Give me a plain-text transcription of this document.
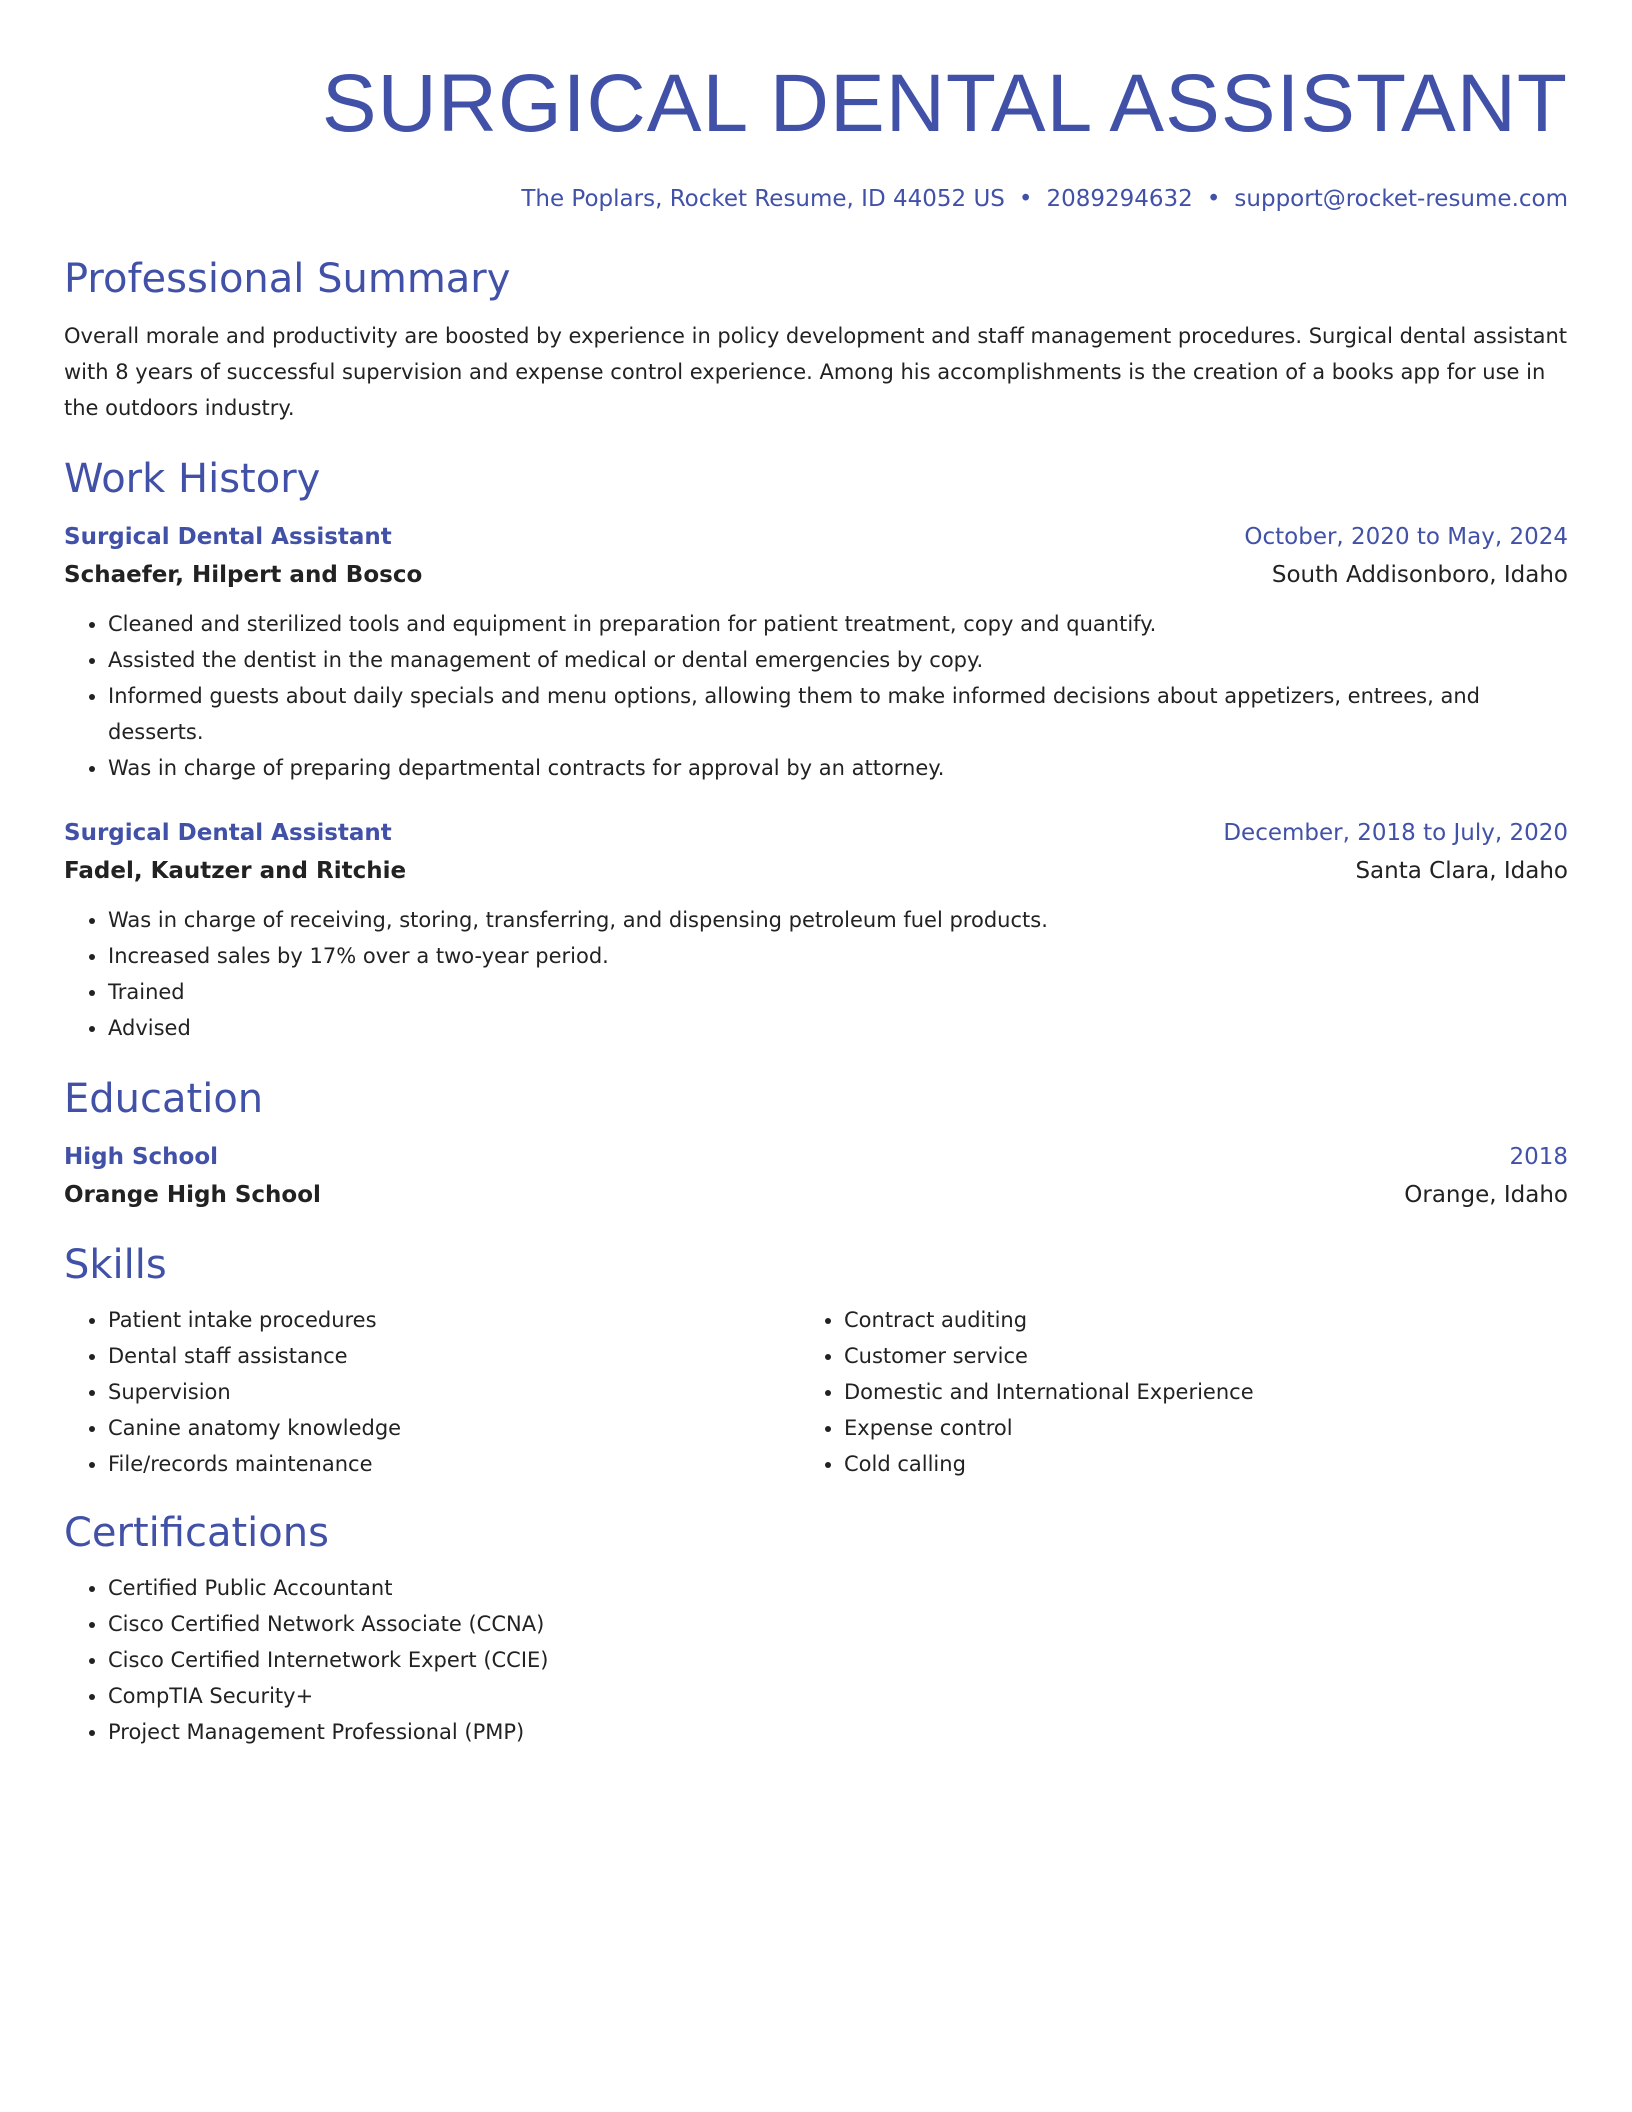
SURGICAL DENTAL ASSISTANT
The Poplars, Rocket Resume, ID 44052 US • 2089294632 • support@rocket-resume.com
Professional Summary
Overall morale and productivity are boosted by experience in policy development and staff management procedures. Surgical dental assistant with 8 years of successful supervision and expense control experience. Among his accomplishments is the creation of a books app for use in the outdoors industry.
Work History
Surgical Dental Assistant	October, 2020 to May, 2024
Schaefer, Hilpert and Bosco	South Addisonboro, Idaho
• Cleaned and sterilized tools and equipment in preparation for patient treatment, copy and quantify.
• Assisted the dentist in the management of medical or dental emergencies by copy.
• Informed guests about daily specials and menu options, allowing them to make informed decisions about appetizers, entrees, and desserts.
• Was in charge of preparing departmental contracts for approval by an attorney.
Surgical Dental Assistant	December, 2018 to July, 2020
Fadel, Kautzer and Ritchie	Santa Clara, Idaho
• Was in charge of receiving, storing, transferring, and dispensing petroleum fuel products.
• Increased sales by 17% over a two-year period.
• Trained
• Advised
Education
High School	2018
Orange High School	Orange, Idaho
Skills
• Patient intake procedures
• Dental staff assistance
• Supervision
• Canine anatomy knowledge
• File/records maintenance
• Contract auditing
• Customer service
• Domestic and International Experience
• Expense control
• Cold calling
Certifications
• Certified Public Accountant
• Cisco Certified Network Associate (CCNA)
• Cisco Certified Internetwork Expert (CCIE)
• CompTIA Security+
• Project Management Professional (PMP)
